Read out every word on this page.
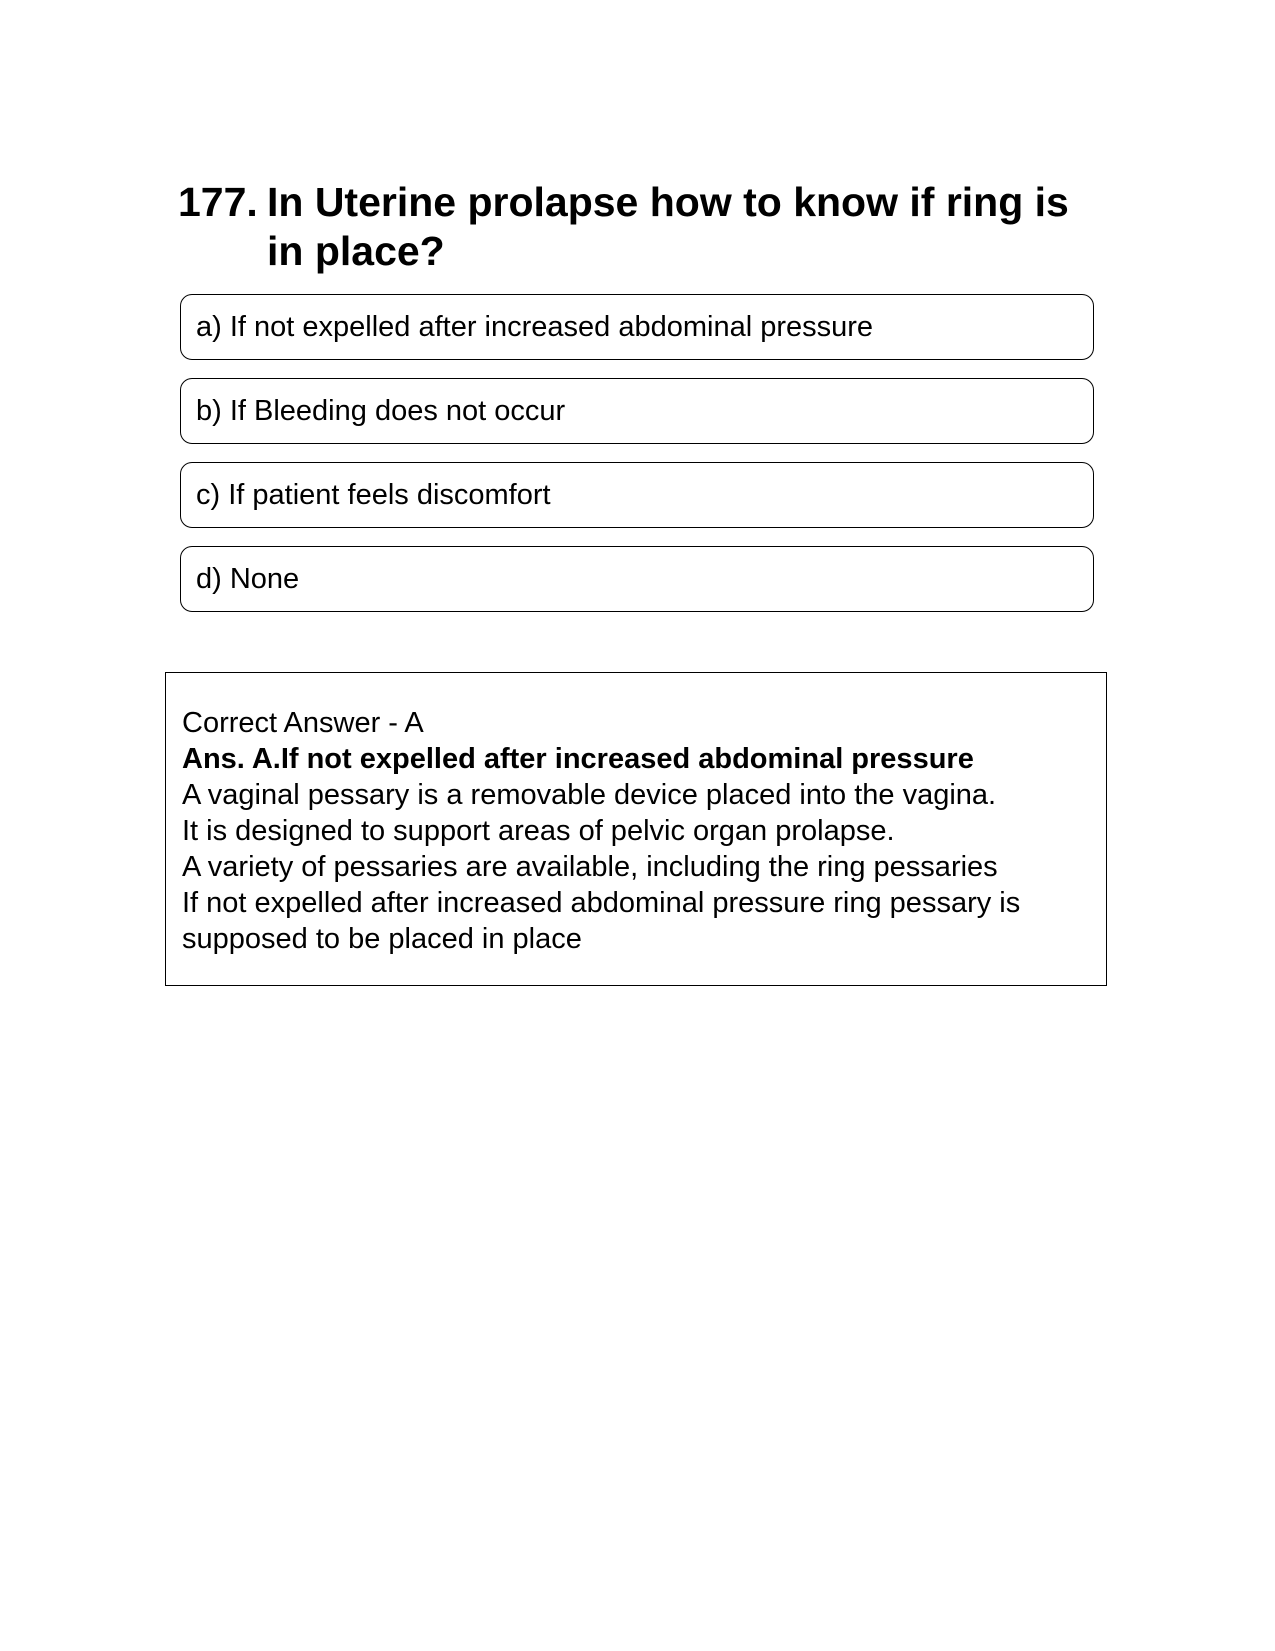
177. In Uterine prolapse how to know if ring is in place?
a) If not expelled after increased abdominal pressure
b) If Bleeding does not occur
c) If patient feels discomfort
d) None
Correct Answer - A
Ans. A.If not expelled after increased abdominal pressure
A vaginal pessary is a removable device placed into the vagina.
It is designed to support areas of pelvic organ prolapse.
A variety of pessaries are available, including the ring pessaries
If not expelled after increased abdominal pressure ring pessary is
supposed to be placed in place
